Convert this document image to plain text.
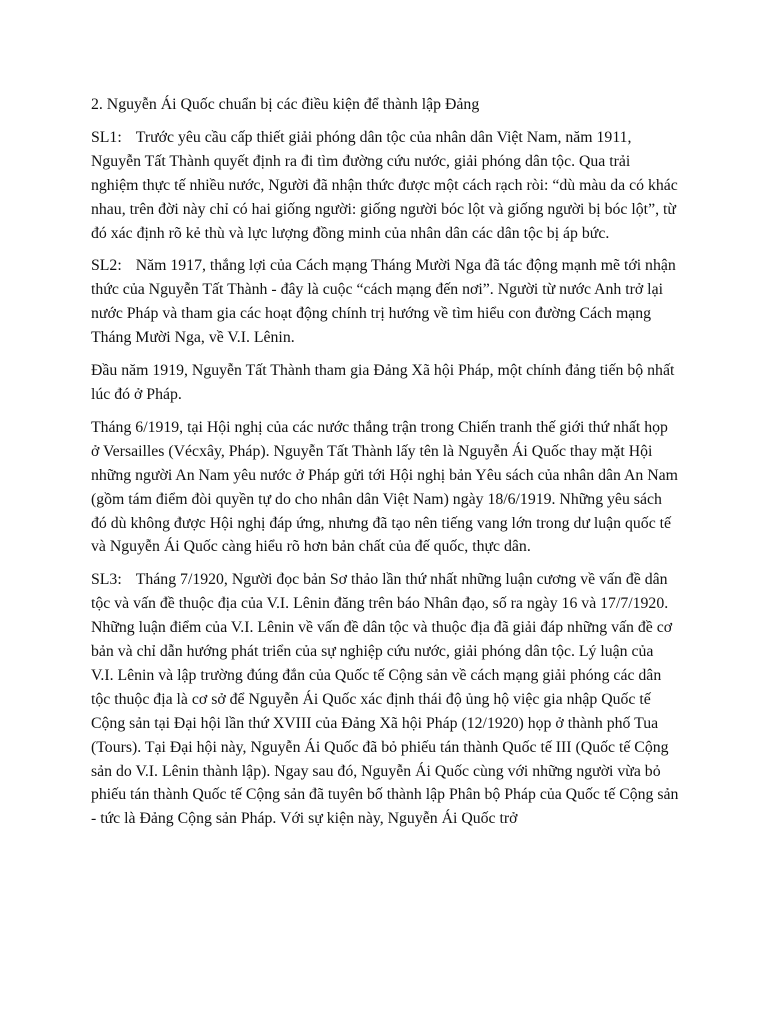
2. Nguyễn Ái Quốc chuẩn bị các điều kiện để thành lập Đảng

SL1: Trước yêu cầu cấp thiết giải phóng dân tộc của nhân dân Việt Nam, năm 1911, Nguyễn Tất Thành quyết định ra đi tìm đường cứu nước, giải phóng dân tộc. Qua trải nghiệm thực tế nhiều nước, Người đã nhận thức được một cách rạch ròi: “dù màu da có khác nhau, trên đời này chỉ có hai giống người: giống người bóc lột và giống người bị bóc lột”, từ đó xác định rõ kẻ thù và lực lượng đồng minh của nhân dân các dân tộc bị áp bức.

SL2: Năm 1917, thắng lợi của Cách mạng Tháng Mười Nga đã tác động mạnh mẽ tới nhận thức của Nguyễn Tất Thành - đây là cuộc “cách mạng đến nơi”. Người từ nước Anh trở lại nước Pháp và tham gia các hoạt động chính trị hướng về tìm hiểu con đường Cách mạng Tháng Mười Nga, về V.I. Lênin.

Đầu năm 1919, Nguyễn Tất Thành tham gia Đảng Xã hội Pháp, một chính đảng tiến bộ nhất lúc đó ở Pháp.

Tháng 6/1919, tại Hội nghị của các nước thắng trận trong Chiến tranh thế giới thứ nhất họp ở Versailles (Vécxây, Pháp). Nguyễn Tất Thành lấy tên là Nguyễn Ái Quốc thay mặt Hội những người An Nam yêu nước ở Pháp gửi tới Hội nghị bản Yêu sách của nhân dân An Nam (gồm tám điểm đòi quyền tự do cho nhân dân Việt Nam) ngày 18/6/1919. Những yêu sách đó dù không được Hội nghị đáp ứng, nhưng đã tạo nên tiếng vang lớn trong dư luận quốc tế và Nguyễn Ái Quốc càng hiểu rõ hơn bản chất của đế quốc, thực dân.

SL3: Tháng 7/1920, Người đọc bản Sơ thảo lần thứ nhất những luận cương về vấn đề dân tộc và vấn đề thuộc địa của V.I. Lênin đăng trên báo Nhân đạo, số ra ngày 16 và 17/7/1920. Những luận điểm của V.I. Lênin về vấn đề dân tộc và thuộc địa đã giải đáp những vấn đề cơ bản và chỉ dẫn hướng phát triển của sự nghiệp cứu nước, giải phóng dân tộc. Lý luận của V.I. Lênin và lập trường đúng đắn của Quốc tế Cộng sản về cách mạng giải phóng các dân tộc thuộc địa là cơ sở để Nguyễn Ái Quốc xác định thái độ ủng hộ việc gia nhập Quốc tế Cộng sản tại Đại hội lần thứ XVIII của Đảng Xã hội Pháp (12/1920) họp ở thành phố Tua (Tours). Tại Đại hội này, Nguyễn Ái Quốc đã bỏ phiếu tán thành Quốc tế III (Quốc tế Cộng sản do V.I. Lênin thành lập). Ngay sau đó, Nguyễn Ái Quốc cùng với những người vừa bỏ phiếu tán thành Quốc tế Cộng sản đã tuyên bố thành lập Phân bộ Pháp của Quốc tế Cộng sản - tức là Đảng Cộng sản Pháp. Với sự kiện này, Nguyễn Ái Quốc trở
